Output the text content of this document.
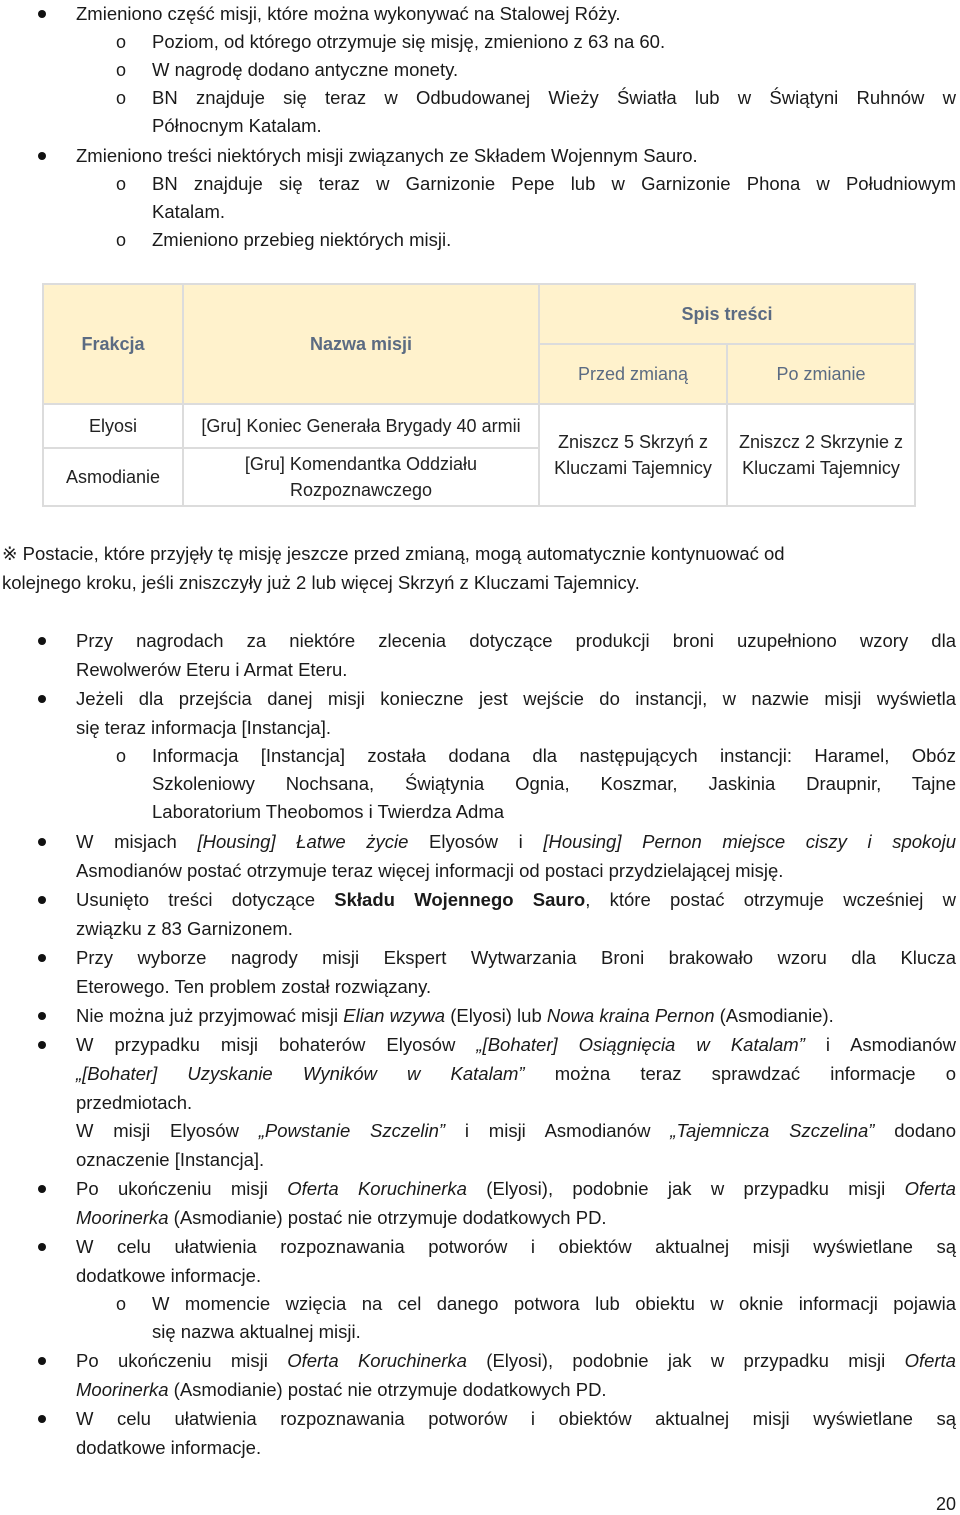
Zmieniono część misji, które można wykonywać na Stalowej Róży.
o Poziom, od którego otrzymuje się misję, zmieniono z 63 na 60.
o W nagrodę dodano antyczne monety.
o BN znajduje się teraz w Odbudowanej Wieży Światła lub w Świątyni Ruhnów w
Północnym Katalam.
Zmieniono treści niektórych misji związanych ze Składem Wojennym Sauro.
o BN znajduje się teraz w Garnizonie Pepe lub w Garnizonie Phona w Południowym
Katalam.
o Zmieniono przebieg niektórych misji.
Frakcja	Nazwa misji	Spis treści	
		Przed zmianą	Po zmianie
Elyosi	[Gru] Koniec Generała Brygady 40 armii	Zniszcz 5 Skrzyń z Kluczami Tajemnicy	Zniszcz 2 Skrzynie z Kluczami Tajemnicy
Asmodianie	[Gru] Komendantka Oddziału Rozpoznawczego		
※ Postacie, które przyjęły tę misję jeszcze przed zmianą, mogą automatycznie kontynuować od
kolejnego kroku, jeśli zniszczyły już 2 lub więcej Skrzyń z Kluczami Tajemnicy.
Przy nagrodach za niektóre zlecenia dotyczące produkcji broni uzupełniono wzory dla
Rewolwerów Eteru i Armat Eteru.
Jeżeli dla przejścia danej misji konieczne jest wejście do instancji, w nazwie misji wyświetla
się teraz informacja [Instancja].
o Informacja [Instancja] została dodana dla następujących instancji: Haramel, Obóz
Szkoleniowy Nochsana, Świątynia Ognia, Koszmar, Jaskinia Draupnir, Tajne
Laboratorium Theobomos i Twierdza Adma
W misjach [Housing] Łatwe życie Elyosów i [Housing] Pernon miejsce ciszy i spokoju
Asmodianów postać otrzymuje teraz więcej informacji od postaci przydzielającej misję.
Usunięto treści dotyczące Składu Wojennego Sauro, które postać otrzymuje wcześniej w
związku z 83 Garnizonem.
Przy wyborze nagrody misji Ekspert Wytwarzania Broni brakowało wzoru dla Klucza
Eterowego. Ten problem został rozwiązany.
Nie można już przyjmować misji Elian wzywa (Elyosi) lub Nowa kraina Pernon (Asmodianie).
W przypadku misji bohaterów Elyosów „[Bohater] Osiągnięcia w Katalam” i Asmodianów
„[Bohater] Uzyskanie Wyników w Katalam” można teraz sprawdzać informacje o
przedmiotach.
W misji Elyosów „Powstanie Szczelin” i misji Asmodianów „Tajemnicza Szczelina” dodano
oznaczenie [Instancja].
Po ukończeniu misji Oferta Koruchinerka (Elyosi), podobnie jak w przypadku misji Oferta
Moorinerka (Asmodianie) postać nie otrzymuje dodatkowych PD.
W celu ułatwienia rozpoznawania potworów i obiektów aktualnej misji wyświetlane są
dodatkowe informacje.
o W momencie wzięcia na cel danego potwora lub obiektu w oknie informacji pojawia
się nazwa aktualnej misji.
Po ukończeniu misji Oferta Koruchinerka (Elyosi), podobnie jak w przypadku misji Oferta
Moorinerka (Asmodianie) postać nie otrzymuje dodatkowych PD.
W celu ułatwienia rozpoznawania potworów i obiektów aktualnej misji wyświetlane są
dodatkowe informacje.
20
